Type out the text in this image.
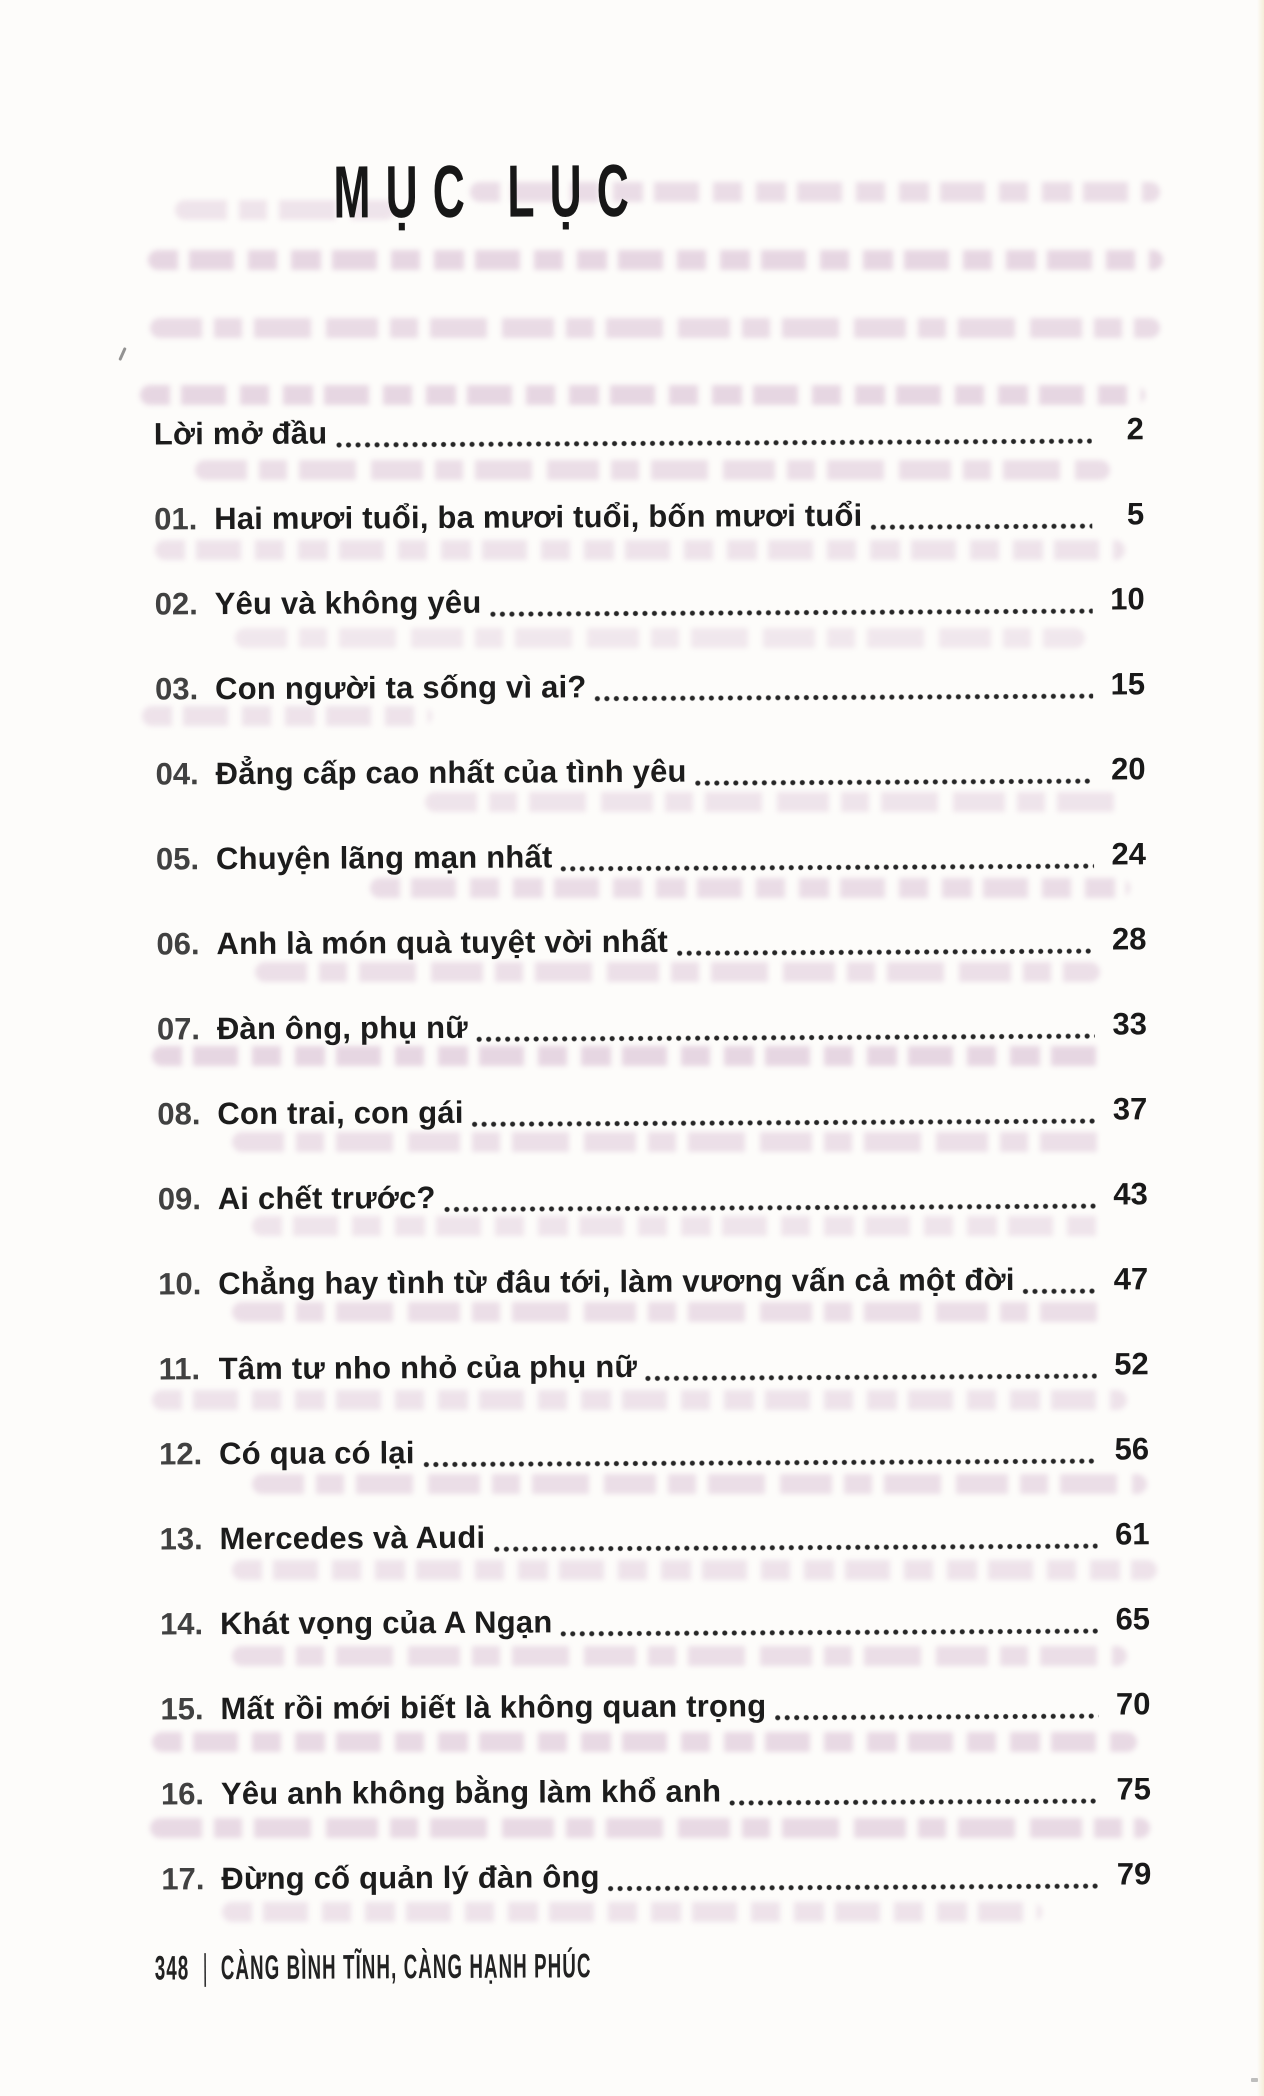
MỤC LỤC
Lời mở đầu	2
01. Hai mươi tuổi, ba mươi tuổi, bốn mươi tuổi	5
02. Yêu và không yêu	10
03. Con người ta sống vì ai?	15
04. Đẳng cấp cao nhất của tình yêu	20
05. Chuyện lãng mạn nhất	24
06. Anh là món quà tuyệt vời nhất	28
07. Đàn ông, phụ nữ	33
08. Con trai, con gái	37
09. Ai chết trước?	43
10. Chẳng hay tình từ đâu tới, làm vương vấn cả một đời	47
11. Tâm tư nho nhỏ của phụ nữ	52
12. Có qua có lại	56
13. Mercedes và Audi	61
14. Khát vọng của A Ngạn	65
15. Mất rồi mới biết là không quan trọng	70
16. Yêu anh không bằng làm khổ anh	75
17. Đừng cố quản lý đàn ông	79
348 | CÀNG BÌNH TĨNH, CÀNG HẠNH PHÚC
